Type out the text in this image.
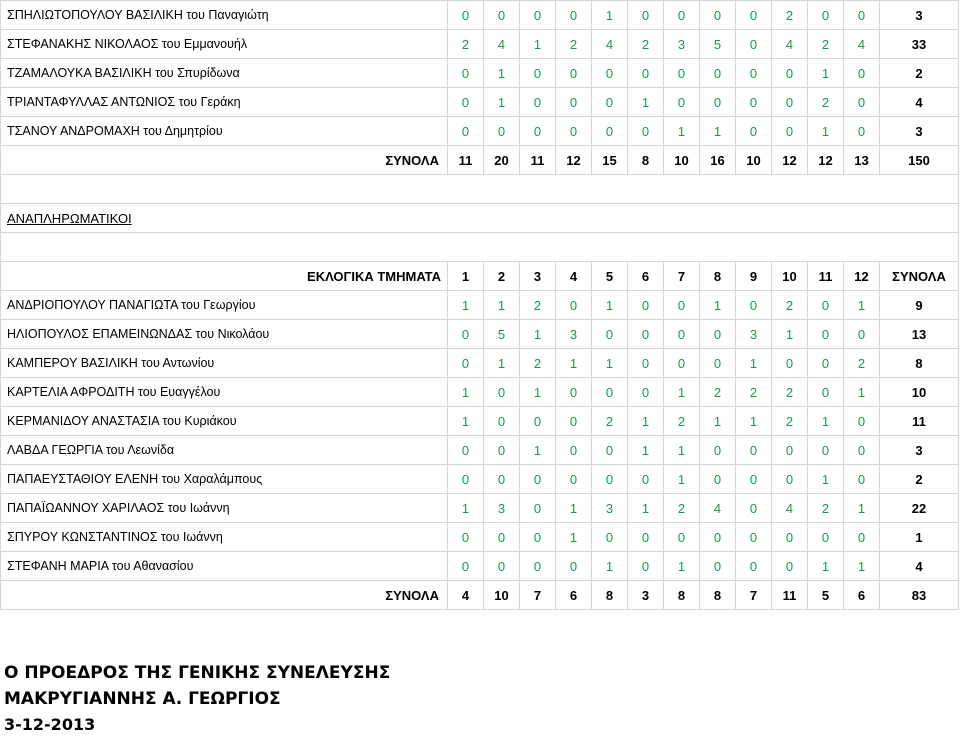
ΣΠΗΛΙΩΤΟΠΟΥΛΟΥ ΒΑΣΙΛΙΚΗ του Παναγιώτη	0	0	0	0	1	0	0	0	0	2	0	0	3
ΣΤΕΦΑΝΑΚΗΣ ΝΙΚΟΛΑΟΣ του Εμμανουήλ	2	4	1	2	4	2	3	5	0	4	2	4	33
ΤΖΑΜΑΛΟΥΚΑ ΒΑΣΙΛΙΚΗ του Σπυρίδωνα	0	1	0	0	0	0	0	0	0	0	1	0	2
ΤΡΙΑΝΤΑΦΥΛΛΑΣ ΑΝΤΩΝΙΟΣ του Γεράκη	0	1	0	0	0	1	0	0	0	0	2	0	4
ΤΣΑΝΟΥ ΑΝΔΡΟΜΑΧΗ του Δημητρίου	0	0	0	0	0	0	1	1	0	0	1	0	3
ΣΥΝΟΛΑ	11	20	11	12	15	8	10	16	10	12	12	13	150

ΑΝΑΠΛΗΡΩΜΑΤΙΚΟΙ													

ΕΚΛΟΓΙΚΑ ΤΜΗΜΑΤΑ	1	2	3	4	5	6	7	8	9	10	11	12	ΣΥΝΟΛΑ
ΑΝΔΡΙΟΠΟΥΛΟΥ ΠΑΝΑΓΙΩΤΑ του Γεωργίου	1	1	2	0	1	0	0	1	0	2	0	1	9
ΗΛΙΟΠΟΥΛΟΣ ΕΠΑΜΕΙΝΩΝΔΑΣ του Νικολάου	0	5	1	3	0	0	0	0	3	1	0	0	13
ΚΑΜΠΕΡΟΥ ΒΑΣΙΛΙΚΗ του Αντωνίου	0	1	2	1	1	0	0	0	1	0	0	2	8
ΚΑΡΤΕΛΙΑ ΑΦΡΟΔΙΤΗ του Ευαγγέλου	1	0	1	0	0	0	1	2	2	2	0	1	10
ΚΕΡΜΑΝΙΔΟΥ ΑΝΑΣΤΑΣΙΑ του Κυριάκου	1	0	0	0	2	1	2	1	1	2	1	0	11
ΛΑΒΔΑ ΓΕΩΡΓΙΑ του Λεωνίδα	0	0	1	0	0	1	1	0	0	0	0	0	3
ΠΑΠΑΕΥΣΤΑΘΙΟΥ ΕΛΕΝΗ του Χαραλάμπους	0	0	0	0	0	0	1	0	0	0	1	0	2
ΠΑΠΑΪΩΑΝΝΟΥ ΧΑΡΙΛΑΟΣ του Ιωάννη	1	3	0	1	3	1	2	4	0	4	2	1	22
ΣΠΥΡΟΥ ΚΩΝΣΤΑΝΤΙΝΟΣ του Ιωάννη	0	0	0	1	0	0	0	0	0	0	0	0	1
ΣΤΕΦΑΝΗ ΜΑΡΙΑ του Αθανασίου	0	0	0	0	1	0	1	0	0	0	1	1	4
ΣΥΝΟΛΑ	4	10	7	6	8	3	8	8	7	11	5	6	83
Ο ΠΡΟΕΔΡΟΣ ΤΗΣ ΓΕΝΙΚΗΣ ΣΥΝΕΛΕΥΣΗΣ
ΜΑΚΡΥΓΙΑΝΝΗΣ Α. ΓΕΩΡΓΙΟΣ
3-12-2013
